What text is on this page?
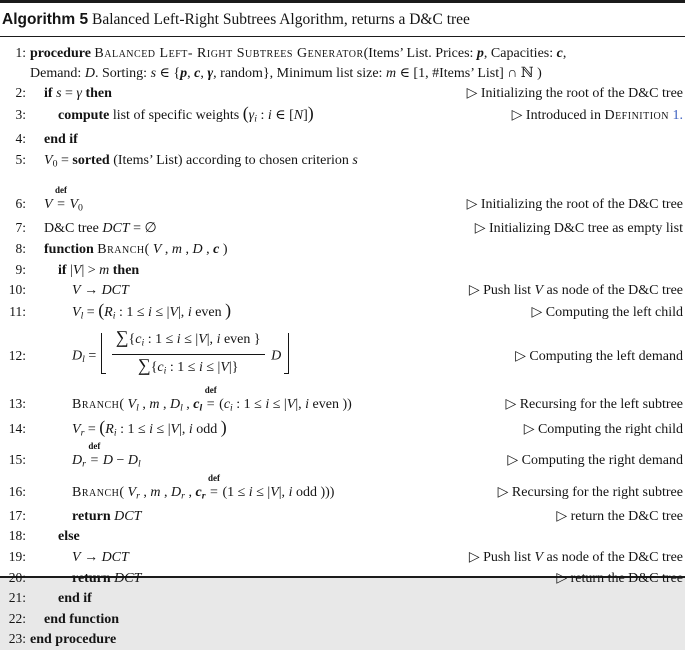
Algorithm 5 Balanced Left-Right Subtrees Algorithm, returns a D&C tree
1: procedure Balanced Left- Right Subtrees Generator(Items’ List. Prices: p, Capacities: c,
Demand: D. Sorting: s ∈ {p, c, γ, random}, Minimum list size: m ∈ [1, #Items’ List] ∩ ℕ )
2: if s = γ then	▷ Initializing the root of the D&C tree
3: compute list of specific weights (γi : i ∈ [N])	▷ Introduced in Definition 1.
4: end if
5: $V_0$ = sorted (Items’ List) according to chosen criterion s
6: V
def
= $V_0$	▷ Initializing the root of the D&C tree
7: D&C tree DCT = ∅	▷ Initializing D&C tree as empty list
8: function Branch( V , m , D , c )
9: if |V| > m then
10:	V → DCT	▷ Push list V as node of the D&C tree
11:	Vl = (Ri : 1 ≤ i ≤ |V|, i even )	▷ Computing the left child
12:	$Dl = \frac{\text{∑\{ci : 1 ≤ i ≤ |V|, i even \}}}{\sum\{ci : 1 \le i \le |V|\}}$ D	▷ Computing the left demand
13:	Branch( Vl , m , Dl , cl
def
= (ci : 1 ≤ i ≤ |V|, i even ))	▷ Recursing for the left subtree
14:	Vr = (Ri : 1 ≤ i ≤ |V|, i odd )	▷ Computing the right child
15:	Dr
def
= D − Dl	▷ Computing the right demand
16:	Branch( Vr , m , Dr , cr
def
= (1 ≤ i ≤ |V|, i odd )))	▷ Recursing for the right subtree
17:	return DCT	▷ return the D&C tree
18: else
19:	V → DCT	▷ Push list V as node of the D&C tree
20:	return DCT	▷ return the D&C tree
21: end if
22: end function
23: end procedure
